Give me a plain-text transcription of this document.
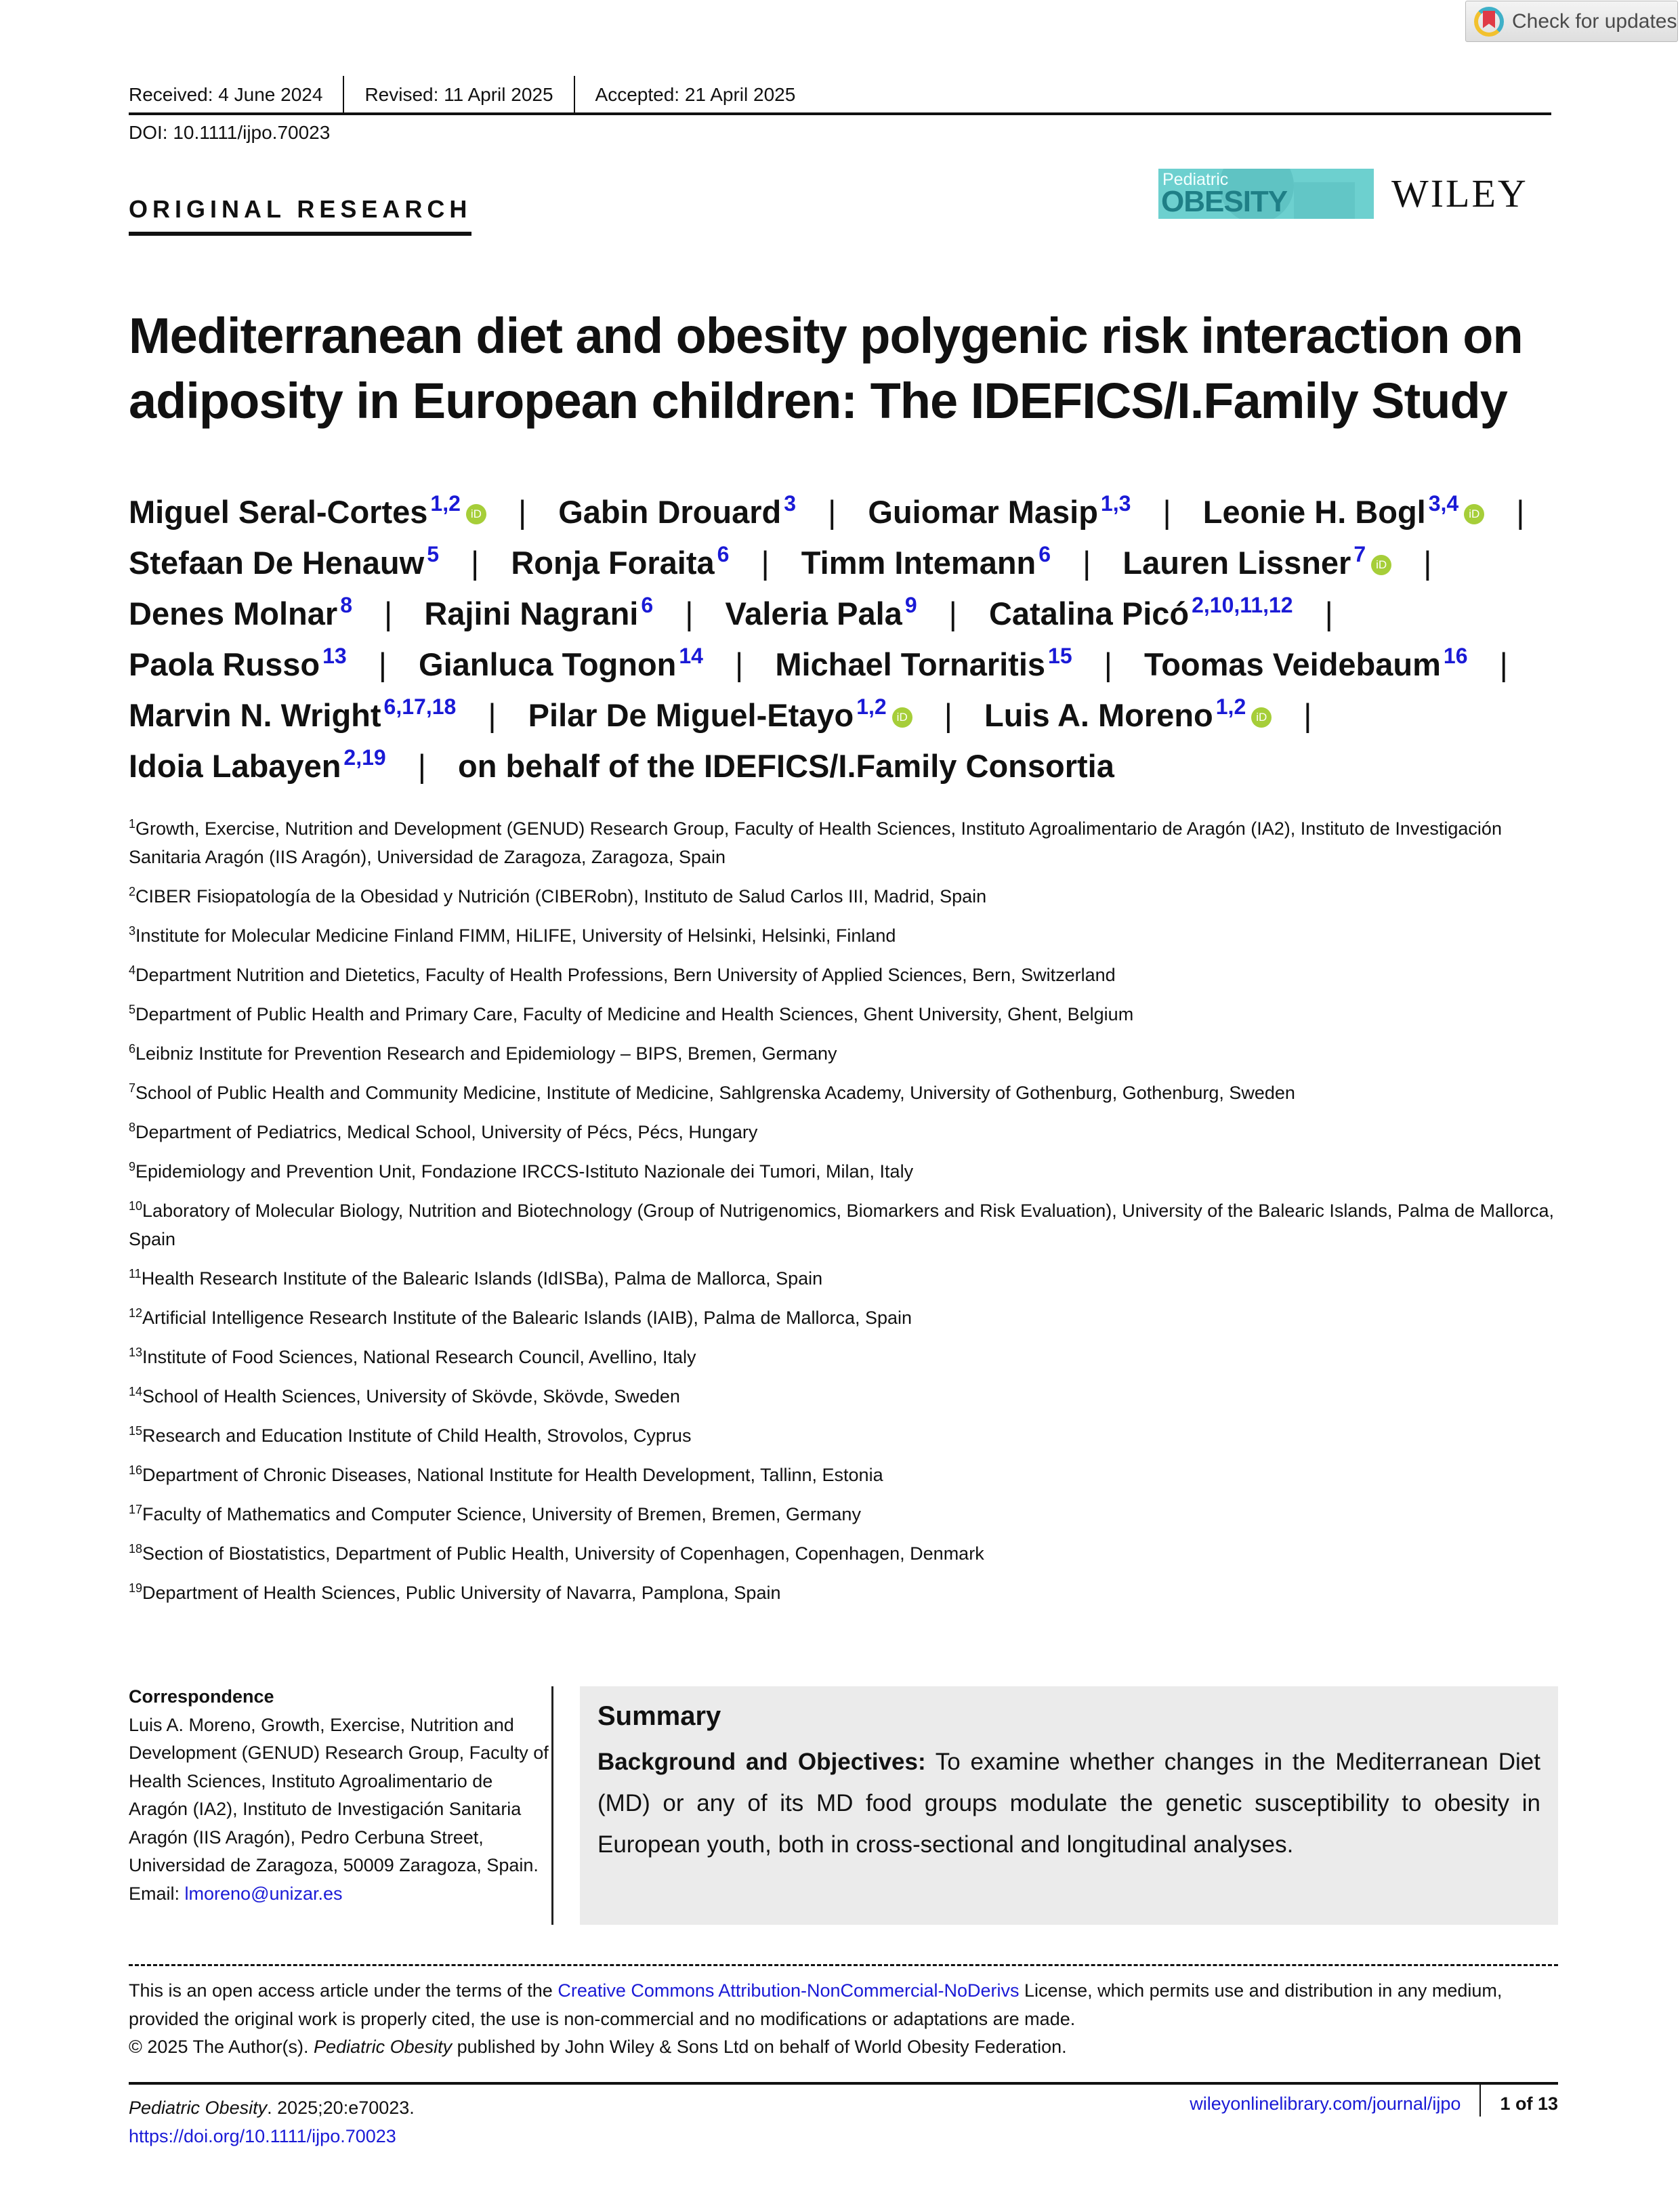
Check for updates
Received: 4 June 2024	Revised: 11 April 2025	Accepted: 21 April 2025
DOI: 10.1111/ijpo.70023
ORIGINAL RESEARCH
Pediatric
OBESITY	WILEY
Mediterranean diet and obesity polygenic risk interaction on adiposity in European children: The IDEFICS/I.Family Study
Miguel Seral-Cortes $^{1,2}$ iD | Gabin Drouard $^3$ | Guiomar Masip $^{1,3}$ | Leonie H. Bogl $^{3,4}$ iD | Stefaan De Henauw $^5$ | Ronja Foraita $^6$ | Timm Intemann $^6$ | Lauren Lissner $^7$ iD | Denes Molnar $^8$ | Rajini Nagrani $^6$ | Valeria Pala $^9$ | Catalina Picó $^{2,10,11,12}$ | Paola Russo $^{13}$ | Gianluca Tognon $^{14}$ | Michael Tornaritis $^{15}$ | Toomas Veidebaum $^{16}$ | Marvin N. Wright $^{6,17,18}$ | Pilar De Miguel-Etayo $^{1,2}$ iD | Luis A. Moreno $^{1,2}$ iD | Idoia Labayen $^{2,19}$ | on behalf of the IDEFICS/I.Family Consortia
$^1$Growth, Exercise, Nutrition and Development (GENUD) Research Group, Faculty of Health Sciences, Instituto Agroalimentario de Aragón (IA2), Instituto de Investigación Sanitaria Aragón (IIS Aragón), Universidad de Zaragoza, Zaragoza, Spain
$^2$CIBER Fisiopatología de la Obesidad y Nutrición (CIBERobn), Instituto de Salud Carlos III, Madrid, Spain
$^3$Institute for Molecular Medicine Finland FIMM, HiLIFE, University of Helsinki, Helsinki, Finland
$^4$Department Nutrition and Dietetics, Faculty of Health Professions, Bern University of Applied Sciences, Bern, Switzerland
$^5$Department of Public Health and Primary Care, Faculty of Medicine and Health Sciences, Ghent University, Ghent, Belgium
$^6$Leibniz Institute for Prevention Research and Epidemiology – BIPS, Bremen, Germany
$^7$School of Public Health and Community Medicine, Institute of Medicine, Sahlgrenska Academy, University of Gothenburg, Gothenburg, Sweden
$^8$Department of Pediatrics, Medical School, University of Pécs, Pécs, Hungary
$^9$Epidemiology and Prevention Unit, Fondazione IRCCS-Istituto Nazionale dei Tumori, Milan, Italy
$^{10}$Laboratory of Molecular Biology, Nutrition and Biotechnology (Group of Nutrigenomics, Biomarkers and Risk Evaluation), University of the Balearic Islands, Palma de Mallorca, Spain
$^{11}$Health Research Institute of the Balearic Islands (IdISBa), Palma de Mallorca, Spain
$^{12}$Artificial Intelligence Research Institute of the Balearic Islands (IAIB), Palma de Mallorca, Spain
$^{13}$Institute of Food Sciences, National Research Council, Avellino, Italy
$^{14}$School of Health Sciences, University of Skövde, Skövde, Sweden
$^{15}$Research and Education Institute of Child Health, Strovolos, Cyprus
$^{16}$Department of Chronic Diseases, National Institute for Health Development, Tallinn, Estonia
$^{17}$Faculty of Mathematics and Computer Science, University of Bremen, Bremen, Germany
$^{18}$Section of Biostatistics, Department of Public Health, University of Copenhagen, Copenhagen, Denmark
$^{19}$Department of Health Sciences, Public University of Navarra, Pamplona, Spain
Correspondence
Luis A. Moreno, Growth, Exercise, Nutrition and Development (GENUD) Research Group, Faculty of Health Sciences, Instituto Agroalimentario de Aragón (IA2), Instituto de Investigación Sanitaria Aragón (IIS Aragón), Pedro Cerbuna Street, Universidad de Zaragoza, 50009 Zaragoza, Spain.
Email: lmoreno@unizar.es
Summary
Background and Objectives: To examine whether changes in the Mediterranean Diet (MD) or any of its MD food groups modulate the genetic susceptibility to obesity in European youth, both in cross-sectional and longitudinal analyses.
This is an open access article under the terms of the Creative Commons Attribution-NonCommercial-NoDerivs License, which permits use and distribution in any medium, provided the original work is properly cited, the use is non-commercial and no modifications or adaptations are made.
© 2025 The Author(s). Pediatric Obesity published by John Wiley & Sons Ltd on behalf of World Obesity Federation.
Pediatric Obesity. 2025;20:e70023.
https://doi.org/10.1111/ijpo.70023
wileyonlinelibrary.com/journal/ijpo	1 of 13
